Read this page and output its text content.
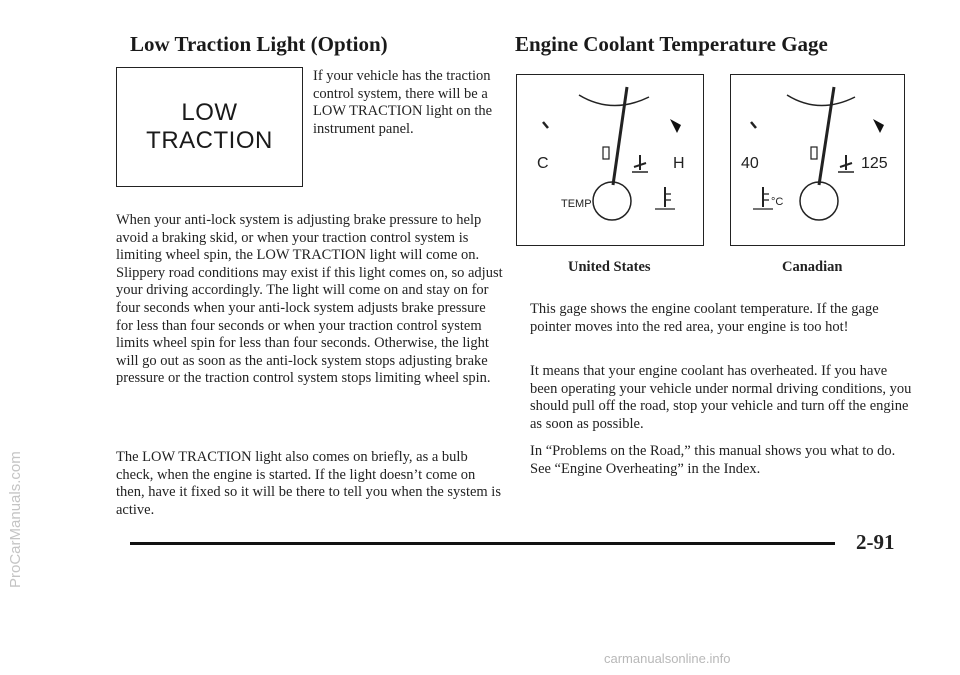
ProCarManuals.com
Low Traction Light (Option)	Engine Coolant Temperature Gage
LOW
TRACTION

If your vehicle has the traction control system, there will be a LOW TRACTION light on the instrument panel.

When your anti-lock system is adjusting brake pressure to help avoid a braking skid, or when your traction control system is limiting wheel spin, the LOW TRACTION light will come on. Slippery road conditions may exist if this light comes on, so adjust your driving accordingly. The light will come on and stay on for four seconds when your anti-lock system adjusts brake pressure for less than four seconds or when your traction control system limits wheel spin for less than four seconds. Otherwise, the light will go out as soon as the anti-lock system stops adjusting brake pressure or the traction control system stops limiting wheel spin.

The LOW TRACTION light also comes on briefly, as a bulb check, when the engine is started. If the light doesn’t come on then, have it fixed so it will be there to tell you when the system is active.

C	H
TEMP
40	125
°C

United States	Canadian

This gage shows the engine coolant temperature. If the gage pointer moves into the red area, your engine is too hot!

It means that your engine coolant has overheated. If you have been operating your vehicle under normal driving conditions, you should pull off the road, stop your vehicle and turn off the engine as soon as possible.

In “Problems on the Road,” this manual shows you what to do. See “Engine Overheating” in the Index.

2-91

carmanualsonline.info
